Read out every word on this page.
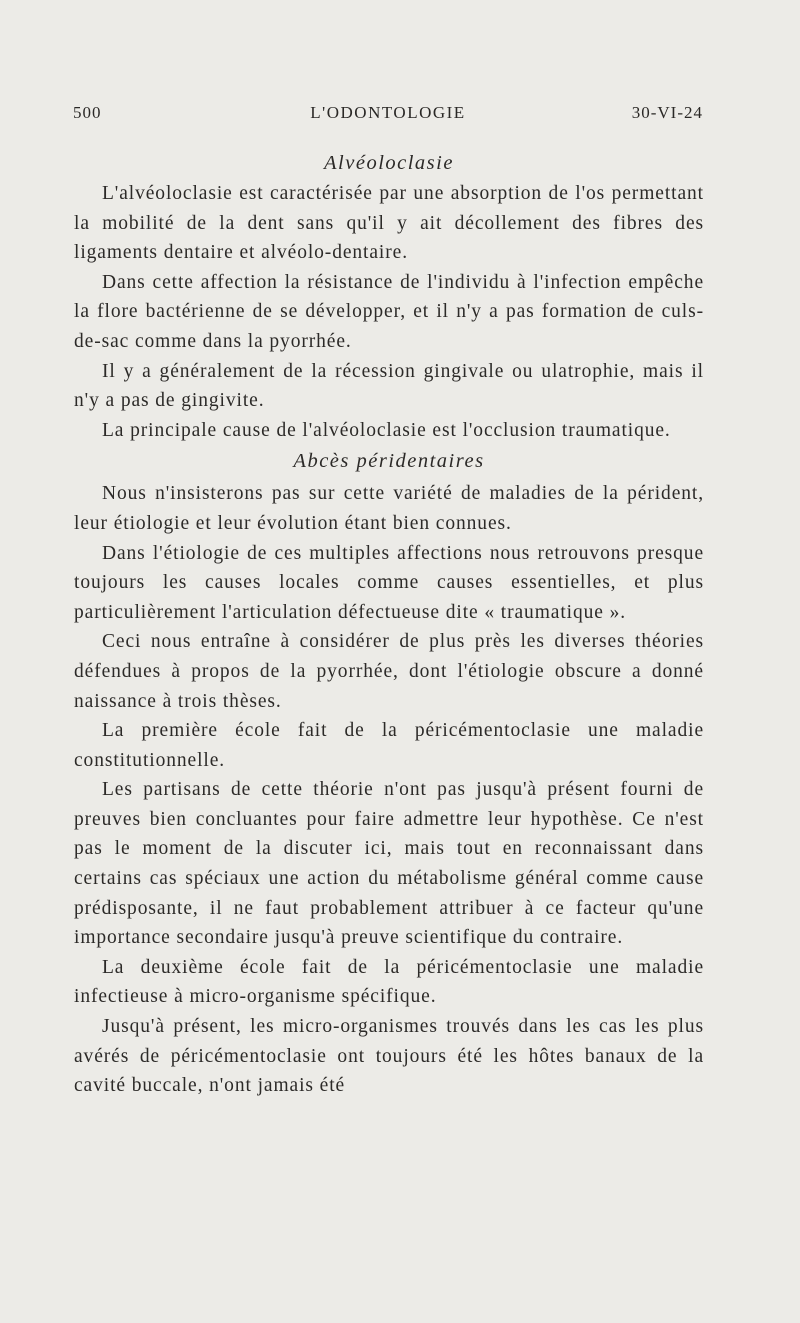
500	L'ODONTOLOGIE	30-VI-24
Alvéoloclasie

L'alvéoloclasie est caractérisée par une absorption de l'os permettant la mobilité de la dent sans qu'il y ait décollement des fibres des ligaments dentaire et alvéolo-dentaire.

Dans cette affection la résistance de l'individu à l'infection empêche la flore bactérienne de se développer, et il n'y a pas formation de culs-de-sac comme dans la pyorrhée.

Il y a généralement de la récession gingivale ou ulatrophie, mais il n'y a pas de gingivite.

La principale cause de l'alvéoloclasie est l'occlusion traumatique.

Abcès péridentaires

Nous n'insisterons pas sur cette variété de maladies de la pérident, leur étiologie et leur évolution étant bien connues.

Dans l'étiologie de ces multiples affections nous retrouvons presque toujours les causes locales comme causes essentielles, et plus particulièrement l'articulation défectueuse dite « traumatique ».

Ceci nous entraîne à considérer de plus près les diverses théories défendues à propos de la pyorrhée, dont l'étiologie obscure a donné naissance à trois thèses.

La première école fait de la péricémentoclasie une maladie constitutionnelle.

Les partisans de cette théorie n'ont pas jusqu'à présent fourni de preuves bien concluantes pour faire admettre leur hypothèse. Ce n'est pas le moment de la discuter ici, mais tout en reconnaissant dans certains cas spéciaux une action du métabolisme général comme cause prédisposante, il ne faut probablement attribuer à ce facteur qu'une importance secondaire jusqu'à preuve scientifique du contraire.

La deuxième école fait de la péricémentoclasie une maladie infectieuse à micro-organisme spécifique.

Jusqu'à présent, les micro-organismes trouvés dans les cas les plus avérés de péricémentoclasie ont toujours été les hôtes banaux de la cavité buccale, n'ont jamais été
